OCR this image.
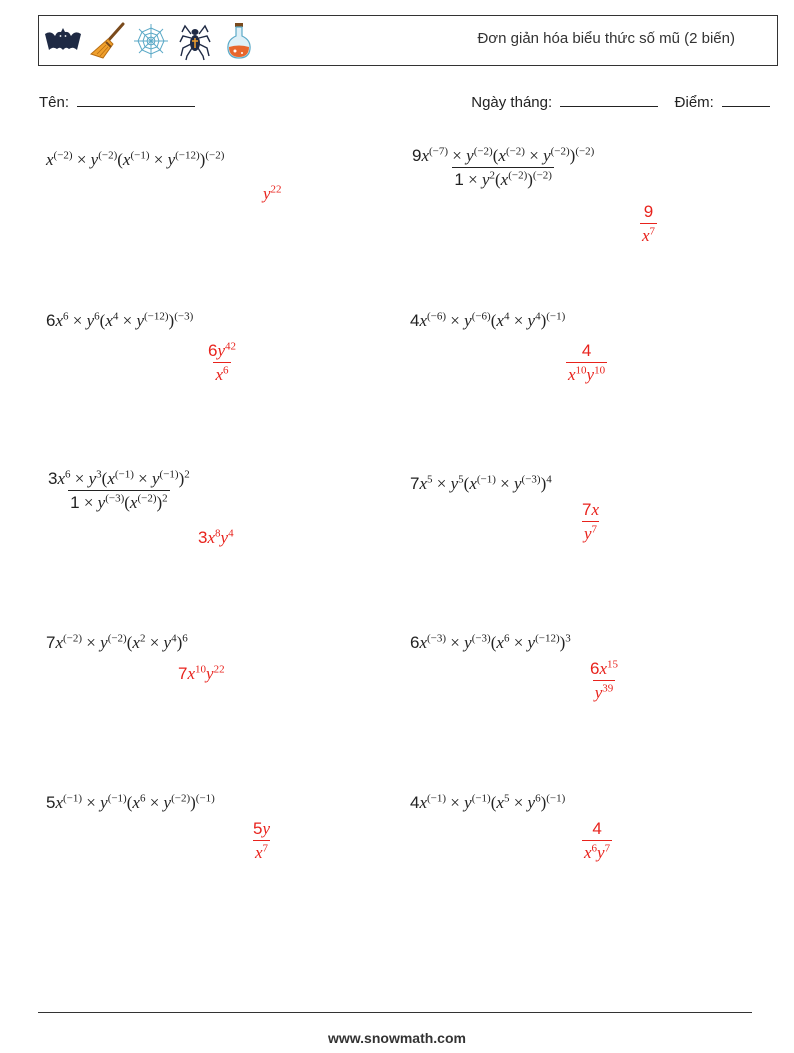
Đơn giản hóa biểu thức số mũ (2 biến)
Tên:	Ngày tháng:	Điểm:
$x^{(-2)} \times y^{(-2)}(x^{(-1)} \times y^{(-12)})^{(-2)}$
$y^{22}$	$\frac{9x^{(-7)} \times y^{(-2)}(x^{(-2)} \times y^{(-2)})^{(-2)}}{1 \times y^2(x^{(-2)})^{(-2)}}$
$\frac{9}{x^7}$
$6x^6 \times y^6(x^4 \times y^{(-12)})^{(-3)}$
$\frac{6y^{42}}{x^6}$
$4x^{(-6)} \times y^{(-6)}(x^4 \times y^4)^{(-1)}$
$\frac{4}{x^{10}y^{10}}$
$\frac{3x^6 \times y^3(x^{(-1)} \times y^{(-1)})^2}{1 \times y^{(-3)}(x^{(-2)})^2}$
$3x^8y^4$
$7x^5 \times y^5(x^{(-1)} \times y^{(-3)})^4$
$\frac{7x}{y^7}$
$7x^{(-2)} \times y^{(-2)}(x^2 \times y^4)^6$
$7x^{10}y^{22}$
$6x^{(-3)} \times y^{(-3)}(x^6 \times y^{(-12)})^3$
$\frac{6x^{15}}{y^{39}}$
$5x^{(-1)} \times y^{(-1)}(x^6 \times y^{(-2)})^{(-1)}$
$\frac{5y}{x^7}$
$4x^{(-1)} \times y^{(-1)}(x^5 \times y^6)^{(-1)}$
$\frac{4}{x^6y^7}$
www.snowmath.com
